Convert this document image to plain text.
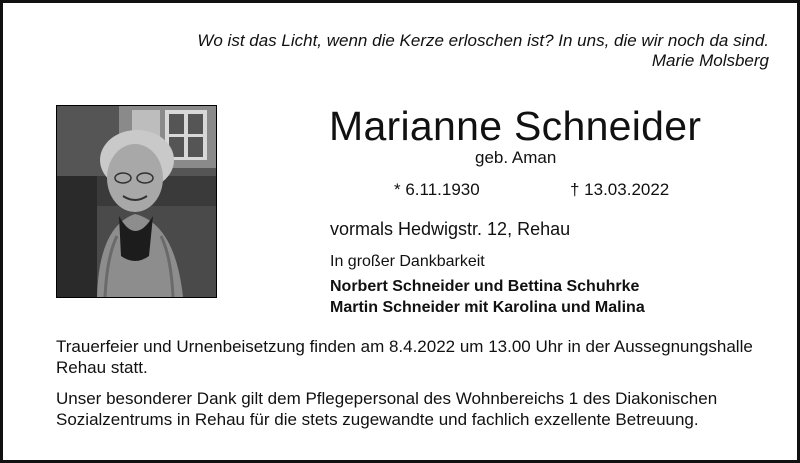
Wo ist das Licht, wenn die Kerze erloschen ist? In uns, die wir noch da sind.
Marie Molsberg
Marianne Schneider
geb. Aman
* 6.11.1930	† 13.03.2022
vormals Hedwigstr. 12, Rehau
In großer Dankbarkeit
Norbert Schneider und Bettina Schuhrke
Martin Schneider mit Karolina und Malina
Trauerfeier und Urnenbeisetzung finden am 8.4.2022 um 13.00 Uhr in der Aussegnungshalle Rehau statt.
Unser besonderer Dank gilt dem Pflegepersonal des Wohnbereichs 1 des Diakonischen Sozialzentrums in Rehau für die stets zugewandte und fachlich exzellente Betreuung.
